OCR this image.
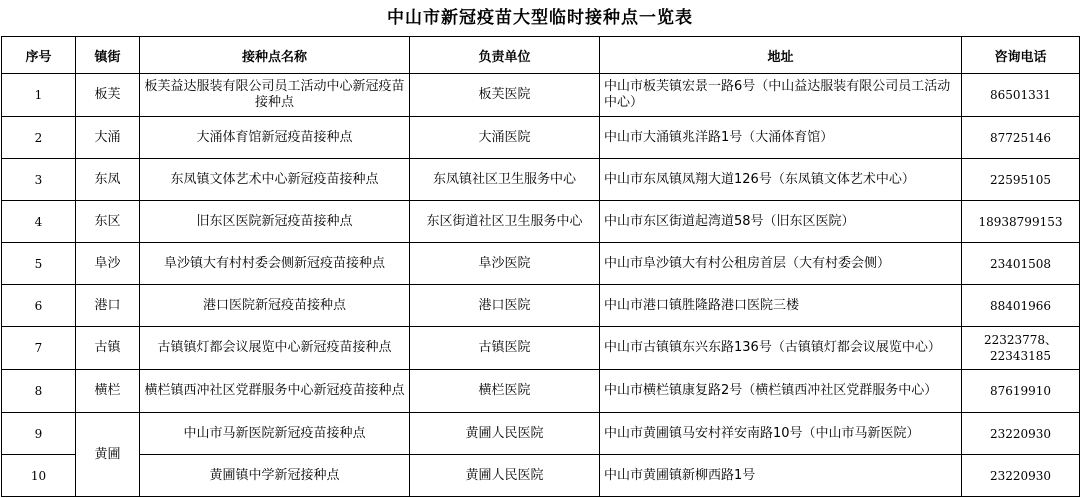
中山市新冠疫苗大型临时接种点一览表
序号	镇街	接种点名称	负责单位	地址	咨询电话
1	板芙	板芙益达服装有限公司员工活动中心新冠疫苗接种点	板芙医院	中山市板芙镇宏景一路6号（中山益达服装有限公司员工活动中心）	86501331
2	大涌	大涌体育馆新冠疫苗接种点	大涌医院	中山市大涌镇兆洋路1号（大涌体育馆）	87725146
3	东凤	东凤镇文体艺术中心新冠疫苗接种点	东凤镇社区卫生服务中心	中山市东凤镇凤翔大道126号（东凤镇文体艺术中心）	22595105
4	东区	旧东区医院新冠疫苗接种点	东区街道社区卫生服务中心	中山市东区街道起湾道58号（旧东区医院）	18938799153
5	阜沙	阜沙镇大有村村委会侧新冠疫苗接种点	阜沙医院	中山市阜沙镇大有村公租房首层（大有村委会侧）	23401508
6	港口	港口医院新冠疫苗接种点	港口医院	中山市港口镇胜隆路港口医院三楼	88401966
7	古镇	古镇镇灯都会议展览中心新冠疫苗接种点	古镇医院	中山市古镇镇东兴东路136号（古镇镇灯都会议展览中心）	22323778、22343185
8	横栏	横栏镇西冲社区党群服务中心新冠疫苗接种点	横栏医院	中山市横栏镇康复路2号（横栏镇西冲社区党群服务中心）	87619910
9	黄圃	中山市马新医院新冠疫苗接种点	黄圃人民医院	中山市黄圃镇马安村祥安南路10号（中山市马新医院）	23220930
10		黄圃镇中学新冠接种点	黄圃人民医院	中山市黄圃镇新柳西路1号	23220930
